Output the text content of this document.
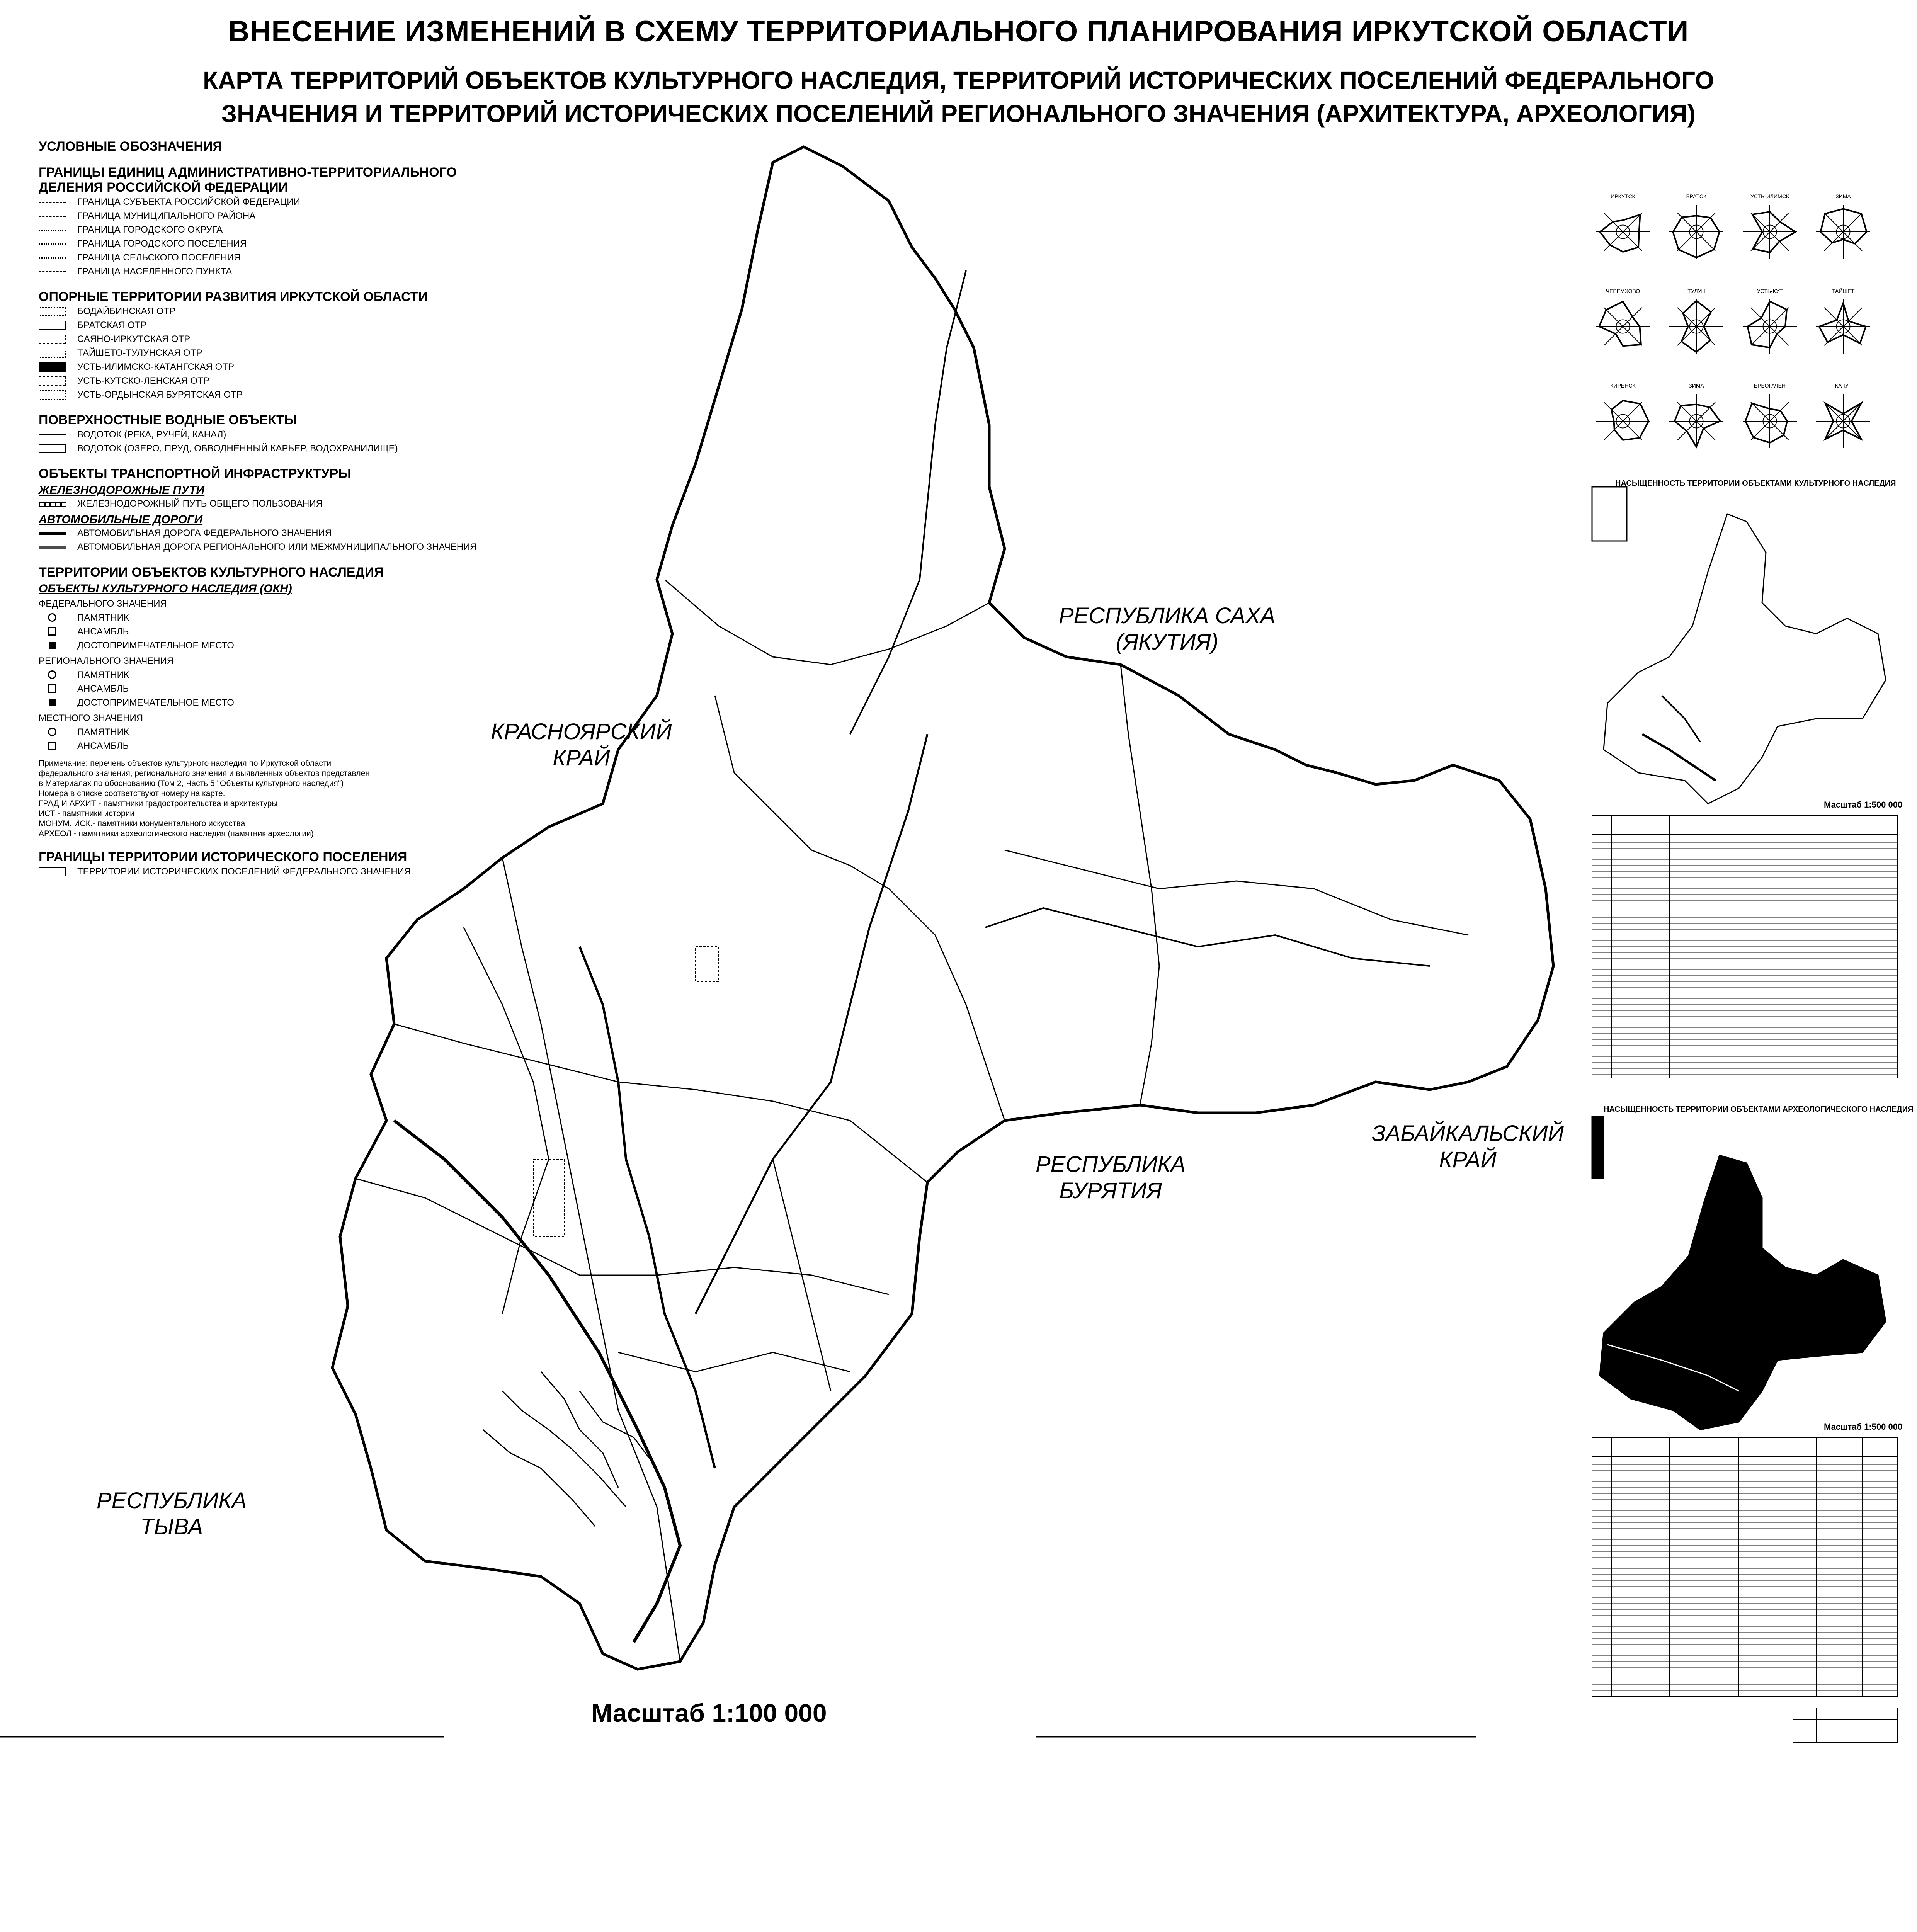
ВНЕСЕНИЕ ИЗМЕНЕНИЙ В СХЕМУ ТЕРРИТОРИАЛЬНОГО ПЛАНИРОВАНИЯ ИРКУТСКОЙ ОБЛАСТИ
КАРТА ТЕРРИТОРИЙ ОБЪЕКТОВ КУЛЬТУРНОГО НАСЛЕДИЯ, ТЕРРИТОРИЙ ИСТОРИЧЕСКИХ ПОСЕЛЕНИЙ ФЕДЕРАЛЬНОГО
ЗНАЧЕНИЯ И ТЕРРИТОРИЙ ИСТОРИЧЕСКИХ ПОСЕЛЕНИЙ РЕГИОНАЛЬНОГО ЗНАЧЕНИЯ (АРХИТЕКТУРА, АРХЕОЛОГИЯ)
УСЛОВНЫЕ ОБОЗНАЧЕНИЯ
ГРАНИЦЫ ЕДИНИЦ АДМИНИСТРАТИВНО-ТЕРРИТОРИАЛЬНОГО ДЕЛЕНИЯ РОССИЙСКОЙ ФЕДЕРАЦИИ
ГРАНИЦА СУБЪЕКТА РОССИЙСКОЙ ФЕДЕРАЦИИ
ГРАНИЦА МУНИЦИПАЛЬНОГО РАЙОНА
ГРАНИЦА ГОРОДСКОГО ОКРУГА
ГРАНИЦА ГОРОДСКОГО ПОСЕЛЕНИЯ
ГРАНИЦА СЕЛЬСКОГО ПОСЕЛЕНИЯ
ГРАНИЦА НАСЕЛЕННОГО ПУНКТА
ОПОРНЫЕ ТЕРРИТОРИИ РАЗВИТИЯ ИРКУТСКОЙ ОБЛАСТИ
БОДАЙБИНСКАЯ ОТР
БРАТСКАЯ ОТР
САЯНО-ИРКУТСКАЯ ОТР
ТАЙШЕТО-ТУЛУНСКАЯ ОТР
УСТЬ-ИЛИМСКО-КАТАНГСКАЯ ОТР
УСТЬ-КУТСКО-ЛЕНСКАЯ ОТР
УСТЬ-ОРДЫНСКАЯ БУРЯТСКАЯ ОТР
ПОВЕРХНОСТНЫЕ ВОДНЫЕ ОБЪЕКТЫ
ВОДОТОК (РЕКА, РУЧЕЙ, КАНАЛ)
ВОДОТОК (ОЗЕРО, ПРУД, ОБВОДНЁННЫЙ КАРЬЕР, ВОДОХРАНИЛИЩЕ)
ОБЪЕКТЫ ТРАНСПОРТНОЙ ИНФРАСТРУКТУРЫ
ЖЕЛЕЗНОДОРОЖНЫЕ ПУТИ
ЖЕЛЕЗНОДОРОЖНЫЙ ПУТЬ ОБЩЕГО ПОЛЬЗОВАНИЯ
АВТОМОБИЛЬНЫЕ ДОРОГИ
АВТОМОБИЛЬНАЯ ДОРОГА ФЕДЕРАЛЬНОГО ЗНАЧЕНИЯ
АВТОМОБИЛЬНАЯ ДОРОГА РЕГИОНАЛЬНОГО ИЛИ МЕЖМУНИЦИПАЛЬНОГО ЗНАЧЕНИЯ
ТЕРРИТОРИИ ОБЪЕКТОВ КУЛЬТУРНОГО НАСЛЕДИЯ
ОБЪЕКТЫ КУЛЬТУРНОГО НАСЛЕДИЯ (ОКН)
ФЕДЕРАЛЬНОГО ЗНАЧЕНИЯ
ПАМЯТНИК
АНСАМБЛЬ
ДОСТОПРИМЕЧАТЕЛЬНОЕ МЕСТО
РЕГИОНАЛЬНОГО ЗНАЧЕНИЯ
ПАМЯТНИК
АНСАМБЛЬ
ДОСТОПРИМЕЧАТЕЛЬНОЕ МЕСТО
МЕСТНОГО ЗНАЧЕНИЯ
ПАМЯТНИК
АНСАМБЛЬ
Примечание: перечень объектов культурного наследия по Иркутской области
федерального значения, регионального значения и выявленных объектов представлен
в Материалах по обоснованию (Том 2, Часть 5 "Объекты культурного наследия")
Номера в списке соответствуют номеру на карте.
ГРАД И АРХИТ - памятники градостроительства и архитектуры
ИСТ - памятники истории
МОНУМ. ИСК.- памятники монументального искусства
АРХЕОЛ - памятники археологического наследия (памятник археологии)
ГРАНИЦЫ ТЕРРИТОРИИ ИСТОРИЧЕСКОГО ПОСЕЛЕНИЯ
ТЕРРИТОРИИ ИСТОРИЧЕСКИХ ПОСЕЛЕНИЙ ФЕДЕРАЛЬНОГО ЗНАЧЕНИЯ
КРАСНОЯРСКИЙ
КРАЙ
РЕСПУБЛИКА САХА
(ЯКУТИЯ)
ЗАБАЙКАЛЬСКИЙ
КРАЙ
РЕСПУБЛИКА
БУРЯТИЯ
РЕСПУБЛИКА
ТЫВА
Масштаб 1:100 000
ИРКУТСК	БРАТСК	УСТЬ-ИЛИМСК	ЗИМА
ЧЕРЕМХОВО	ТУЛУН	УСТЬ-КУТ	ТАЙШЕТ
КИРЕНСК	ЗИМА	ЕРБОГАЧЕН	КАЧУГ
НАСЫЩЕННОСТЬ ТЕРРИТОРИИ ОБЪЕКТАМИ КУЛЬТУРНОГО НАСЛЕДИЯ
Масштаб 1:500 000
НАСЫЩЕННОСТЬ ТЕРРИТОРИИ ОБЪЕКТАМИ АРХЕОЛОГИЧЕСКОГО НАСЛЕДИЯ
Масштаб 1:500 000
